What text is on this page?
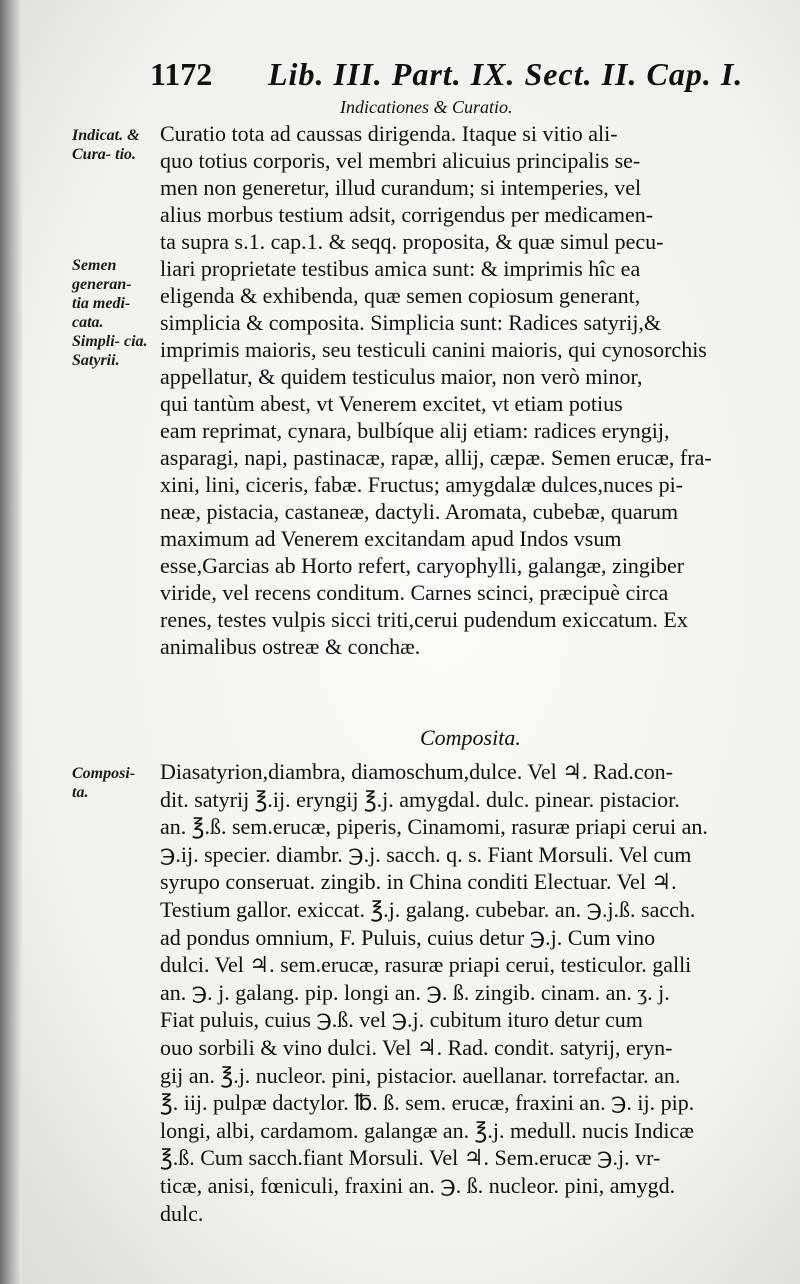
1172 Lib. III. Part. IX. Sect. II. Cap. I.
Indicationes & Curatio.
Indicat. & Cura- tio.
Semen generan- tia medi- cata. Simpli- cia. Satyrii.
Composi- ta.
Curatio tota ad caussas dirigenda. Itaque si vitio ali-
quo totius corporis, vel membri alicuius principalis se-
men non generetur, illud curandum; si intemperies, vel
alius morbus testium adsit, corrigendus per medicamen-
ta supra s.1. cap.1. & seqq. proposita, & quæ simul pecu-
liari proprietate testibus amica sunt: & imprimis hîc ea
eligenda & exhibenda, quæ semen copiosum generant,
simplicia & composita. Simplicia sunt: Radices satyrij,&
imprimis maioris, seu testiculi canini maioris, qui cynosorchis
appellatur, & quidem testiculus maior, non verò minor,
qui tantùm abest, vt Venerem excitet, vt etiam potius
eam reprimat, cynara, bulbíque alij etiam: radices eryngij,
asparagi, napi, pastinacæ, rapæ, allij, cæpæ. Semen erucæ, fra-
xini, lini, ciceris, fabæ. Fructus; amygdalæ dulces,nuces pi-
neæ, pistacia, castaneæ, dactyli. Aromata, cubebæ, quarum
maximum ad Venerem excitandam apud Indos vsum
esse,Garcias ab Horto refert, caryophylli, galangæ, zingiber
viride, vel recens conditum. Carnes scinci, præcipuè circa
renes, testes vulpis sicci triti,cerui pudendum exiccatum. Ex
animalibus ostreæ & conchæ.
Composita.
Diasatyrion,diambra, diamoschum,dulce. Vel ♃. Rad.con-
dit. satyrij ℥.ij. eryngij ℥.j. amygdal. dulc. pinear. pistacior.
an. ℥.ß. sem.erucæ, piperis, Cinamomi, rasuræ priapi cerui an.
℈.ij. specier. diambr. ℈.j. sacch. q. s. Fiant Morsuli. Vel cum
syrupo conseruat. zingib. in China conditi Electuar. Vel ♃.
Testium gallor. exiccat. ℥.j. galang. cubebar. an. ℈.j.ß. sacch.
ad pondus omnium, F. Puluis, cuius detur ℈.j. Cum vino
dulci. Vel ♃. sem.erucæ, rasuræ priapi cerui, testiculor. galli
an. ℈. j. galang. pip. longi an. ℈. ß. zingib. cinam. an. ʒ. j.
Fiat puluis, cuius ℈.ß. vel ℈.j. cubitum ituro detur cum
ouo sorbili & vino dulci. Vel ♃. Rad. condit. satyrij, eryn-
gij an. ℥.j. nucleor. pini, pistacior. auellanar. torrefactar. an.
℥. iij. pulpæ dactylor. ℔. ß. sem. erucæ, fraxini an. ℈. ij. pip.
longi, albi, cardamom. galangæ an. ℥.j. medull. nucis Indicæ
℥.ß. Cum sacch.fiant Morsuli. Vel ♃. Sem.erucæ ℈.j. vr-
ticæ, anisi, fœniculi, fraxini an. ℈. ß. nucleor. pini, amygd.
dulc.
